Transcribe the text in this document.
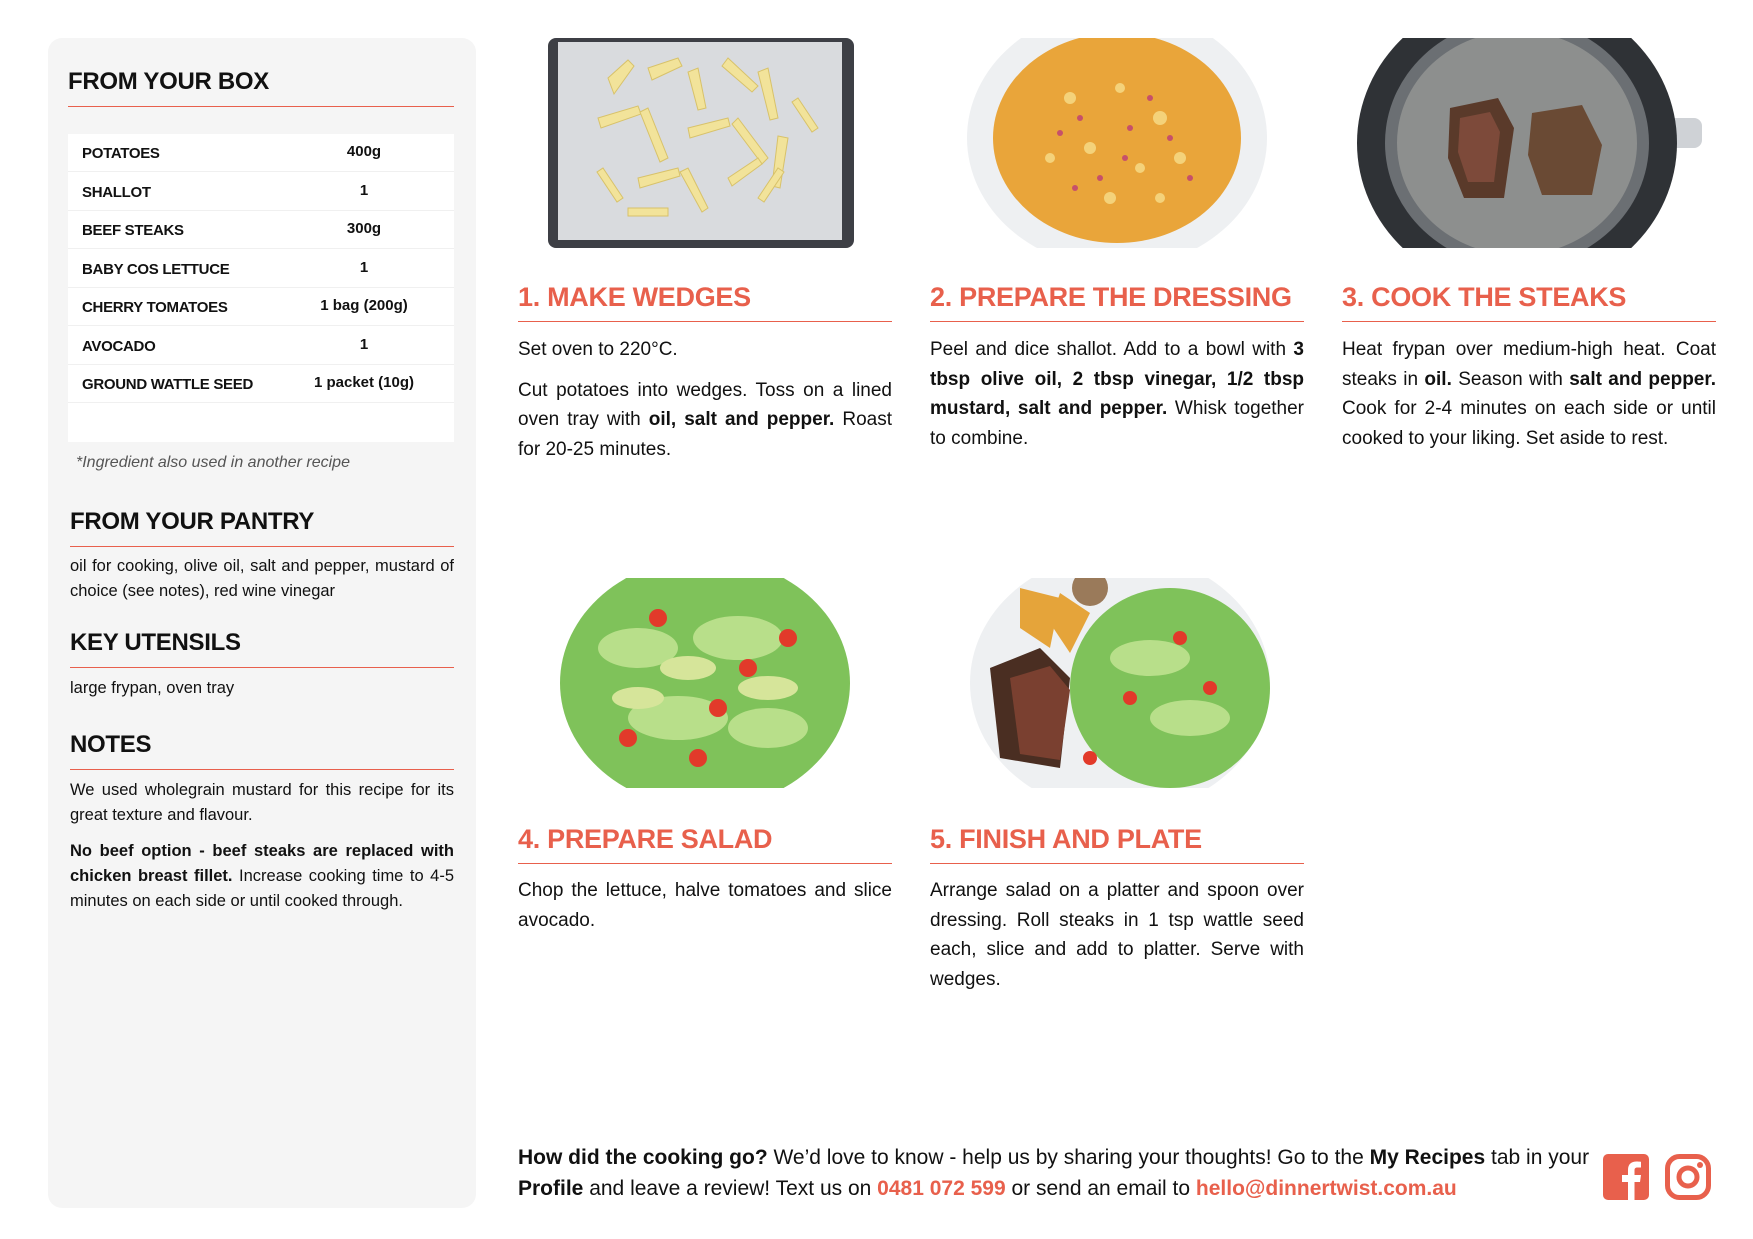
FROM YOUR BOX
POTATOES	400g
SHALLOT	1
BEEF STEAKS	300g
BABY COS LETTUCE	1
CHERRY TOMATOES	1 bag (200g)
AVOCADO	1
GROUND WATTLE SEED	1 packet (10g)
*Ingredient also used in another recipe
FROM YOUR PANTRY
oil for cooking, olive oil, salt and pepper, mustard of choice (see notes), red wine vinegar
KEY UTENSILS
large frypan, oven tray
NOTES

We used wholegrain mustard for this recipe for its great texture and flavour.

No beef option - beef steaks are replaced with chicken breast fillet. Increase cooking time to 4-5 minutes on each side or until cooked through.

1. MAKE WEDGES

Set oven to 220°C.

Cut potatoes into wedges. Toss on a lined oven tray with oil, salt and pepper. Roast for 20-25 minutes.

2. PREPARE THE DRESSING

Peel and dice shallot. Add to a bowl with 3 tbsp olive oil, 2 tbsp vinegar, 1/2 tbsp mustard, salt and pepper. Whisk together to combine.

3. COOK THE STEAKS

Heat frypan over medium-high heat. Coat steaks in oil. Season with salt and pepper. Cook for 2-4 minutes on each side or until cooked to your liking. Set aside to rest.

4. PREPARE SALAD

Chop the lettuce, halve tomatoes and slice avocado.

5. FINISH AND PLATE

Arrange salad on a platter and spoon over dressing. Roll steaks in 1 tsp wattle seed each, slice and add to platter. Serve with wedges.

How did the cooking go? We’d love to know - help us by sharing your thoughts! Go to the My Recipes tab in your Profile and leave a review! Text us on 0481 072 599 or send an email to hello@dinnertwist.com.au
